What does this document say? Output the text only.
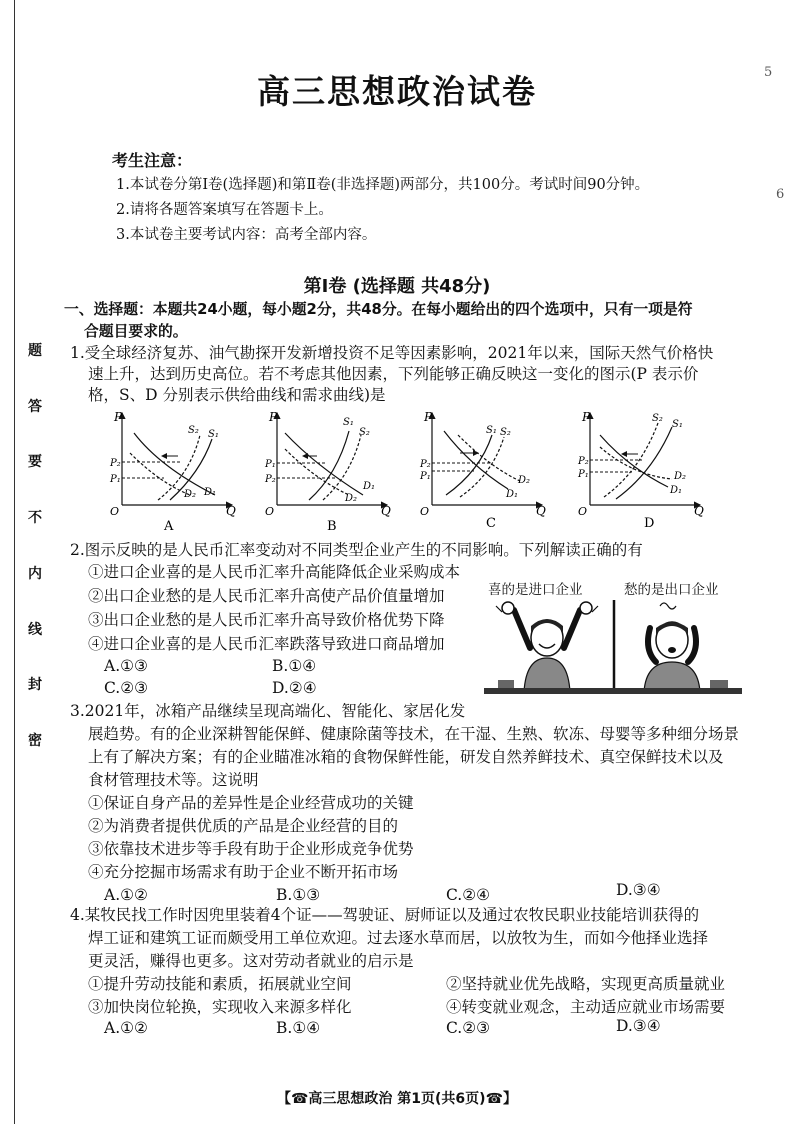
题
答
要
不
内
线
封
密
5
6
高三思想政治试卷
考生注意：
1.本试卷分第Ⅰ卷(选择题)和第Ⅱ卷(非选择题)两部分，共100分。考试时间90分钟。
2.请将各题答案填写在答题卡上。
3.本试卷主要考试内容：高考全部内容。
第Ⅰ卷 (选择题 共48分)
一、选择题：本题共24小题，每小题2分，共48分。在每小题给出的四个选项中，只有一项是符
合题目要求的。
1.受全球经济复苏、油气勘探开发新增投资不足等因素影响，2021年以来，国际天然气价格快
速上升，达到历史高位。若不考虑其他因素，下列能够正确反映这一变化的图示(P 表示价
格，S、D 分别表示供给曲线和需求曲线)是
P
Q
O
P₂
P₁
S₂ S₁
D₂ D₁
A
P
Q
O
P₁
P₂
S₁
S₂
D₂
D₁
B
P
Q
O
P₂
P₁
S₁ S₂
D₂
D₁
C
P
Q
O
P₂
P₁
S₂
S₁
D₂
D₁
D
2.图示反映的是人民币汇率变动对不同类型企业产生的不同影响。下列解读正确的有
①进口企业喜的是人民币汇率升高能降低企业采购成本
②出口企业愁的是人民币汇率升高使产品价值量增加
③出口企业愁的是人民币汇率升高导致价格优势下降
④进口企业喜的是人民币汇率跌落导致进口商品增加
A.①③	B.①④
C.②③	D.②④
喜的是进口企业	愁的是出口企业
3.2021年，冰箱产品继续呈现高端化、智能化、家居化发
展趋势。有的企业深耕智能保鲜、健康除菌等技术，在干湿、生熟、软冻、母婴等多种细分场景
上有了解决方案；有的企业瞄准冰箱的食物保鲜性能，研发自然养鲜技术、真空保鲜技术以及
食材管理技术等。这说明
①保证自身产品的差异性是企业经营成功的关键
②为消费者提供优质的产品是企业经营的目的
③依靠技术进步等手段有助于企业形成竞争优势
④充分挖掘市场需求有助于企业不断开拓市场
A.①②	B.①③	C.②④	D.③④
4.某牧民找工作时因兜里装着4个证——驾驶证、厨师证以及通过农牧民职业技能培训获得的
焊工证和建筑工证而颇受用工单位欢迎。过去逐水草而居，以放牧为生，而如今他择业选择
更灵活，赚得也更多。这对劳动者就业的启示是
①提升劳动技能和素质，拓展就业空间	②坚持就业优先战略，实现更高质量就业
③加快岗位轮换，实现收入来源多样化	④转变就业观念，主动适应就业市场需要
A.①②	B.①④	C.②③	D.③④
【☎高三思想政治 第1页(共6页)☎】
